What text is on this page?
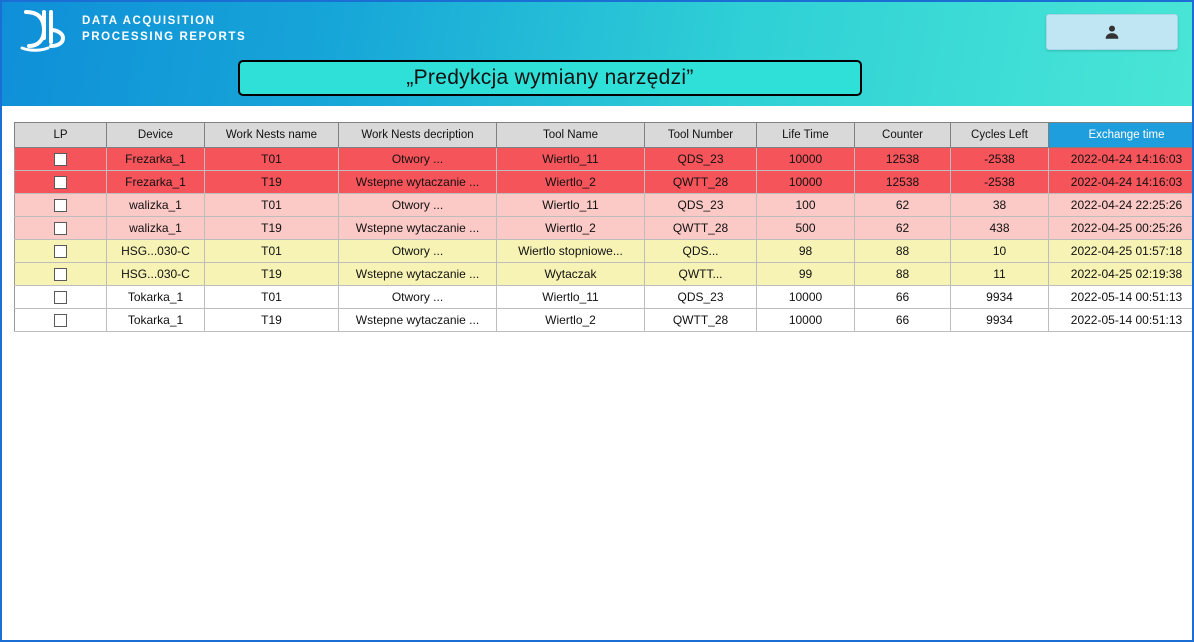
DATA ACQUISITION
PROCESSING REPORTS
„Predykcja wymiany narzędzi”
LP	Device	Work Nests name	Work Nests decription	Tool Name	Tool Number	Life Time	Counter	Cycles Left	Exchange time
	Frezarka_1	T01	Otwory ...	Wiertlo_11	QDS_23	10000	12538	-2538	2022-04-24 14:16:03
	Frezarka_1	T19	Wstepne wytaczanie ...	Wiertlo_2	QWTT_28	10000	12538	-2538	2022-04-24 14:16:03
	walizka_1	T01	Otwory ...	Wiertlo_11	QDS_23	100	62	38	2022-04-24 22:25:26
	walizka_1	T19	Wstepne wytaczanie ...	Wiertlo_2	QWTT_28	500	62	438	2022-04-25 00:25:26
	HSG...030-C	T01	Otwory ...	Wiertlo stopniowe...	QDS...	98	88	10	2022-04-25 01:57:18
	HSG...030-C	T19	Wstepne wytaczanie ...	Wytaczak	QWTT...	99	88	11	2022-04-25 02:19:38
	Tokarka_1	T01	Otwory ...	Wiertlo_11	QDS_23	10000	66	9934	2022-05-14 00:51:13
	Tokarka_1	T19	Wstepne wytaczanie ...	Wiertlo_2	QWTT_28	10000	66	9934	2022-05-14 00:51:13
